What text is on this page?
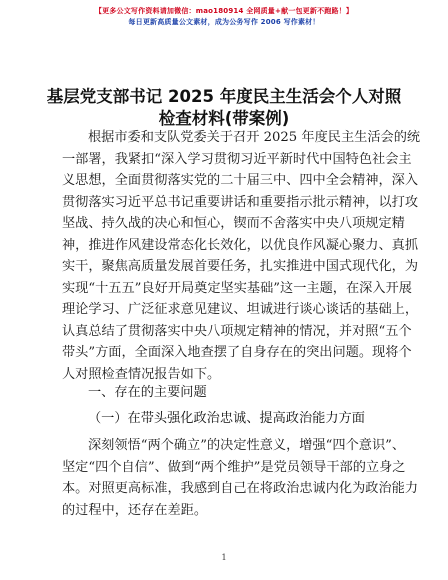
【更多公文写作资料请加微信：mao180914 全网质量+献一包更新不跑路！】
每日更新高质量公文素材，成为公务写作 2006 写作素材！
基层党支部书记 2025 年度民主生活会个人对照
检查材料(带案例)
根据市委和支队党委关于召开 2025 年度民主生活会的统
一部署，我紧扣“深入学习贯彻习近平新时代中国特色社会主
义思想，全面贯彻落实党的二十届三中、四中全会精神，深入
贯彻落实习近平总书记重要讲话和重要指示批示精神，以打攻
坚战、持久战的决心和恒心，锲而不舍落实中央八项规定精
神，推进作风建设常态化长效化，以优良作风凝心聚力、真抓
实干，聚焦高质量发展首要任务，扎实推进中国式现代化，为
实现“十五五”良好开局奠定坚实基础”这一主题，在深入开展
理论学习、广泛征求意见建议、坦诚进行谈心谈话的基础上，
认真总结了贯彻落实中央八项规定精神的情况，并对照“五个
带头”方面，全面深入地查摆了自身存在的突出问题。现将个
人对照检查情况报告如下。
一、存在的主要问题
（一）在带头强化政治忠诚、提高政治能力方面
深刻领悟“两个确立”的决定性意义，增强“四个意识”、
坚定“四个自信”、做到“两个维护”是党员领导干部的立身之
本。对照更高标准，我感到自己在将政治忠诚内化为政治能力
的过程中，还存在差距。
1
